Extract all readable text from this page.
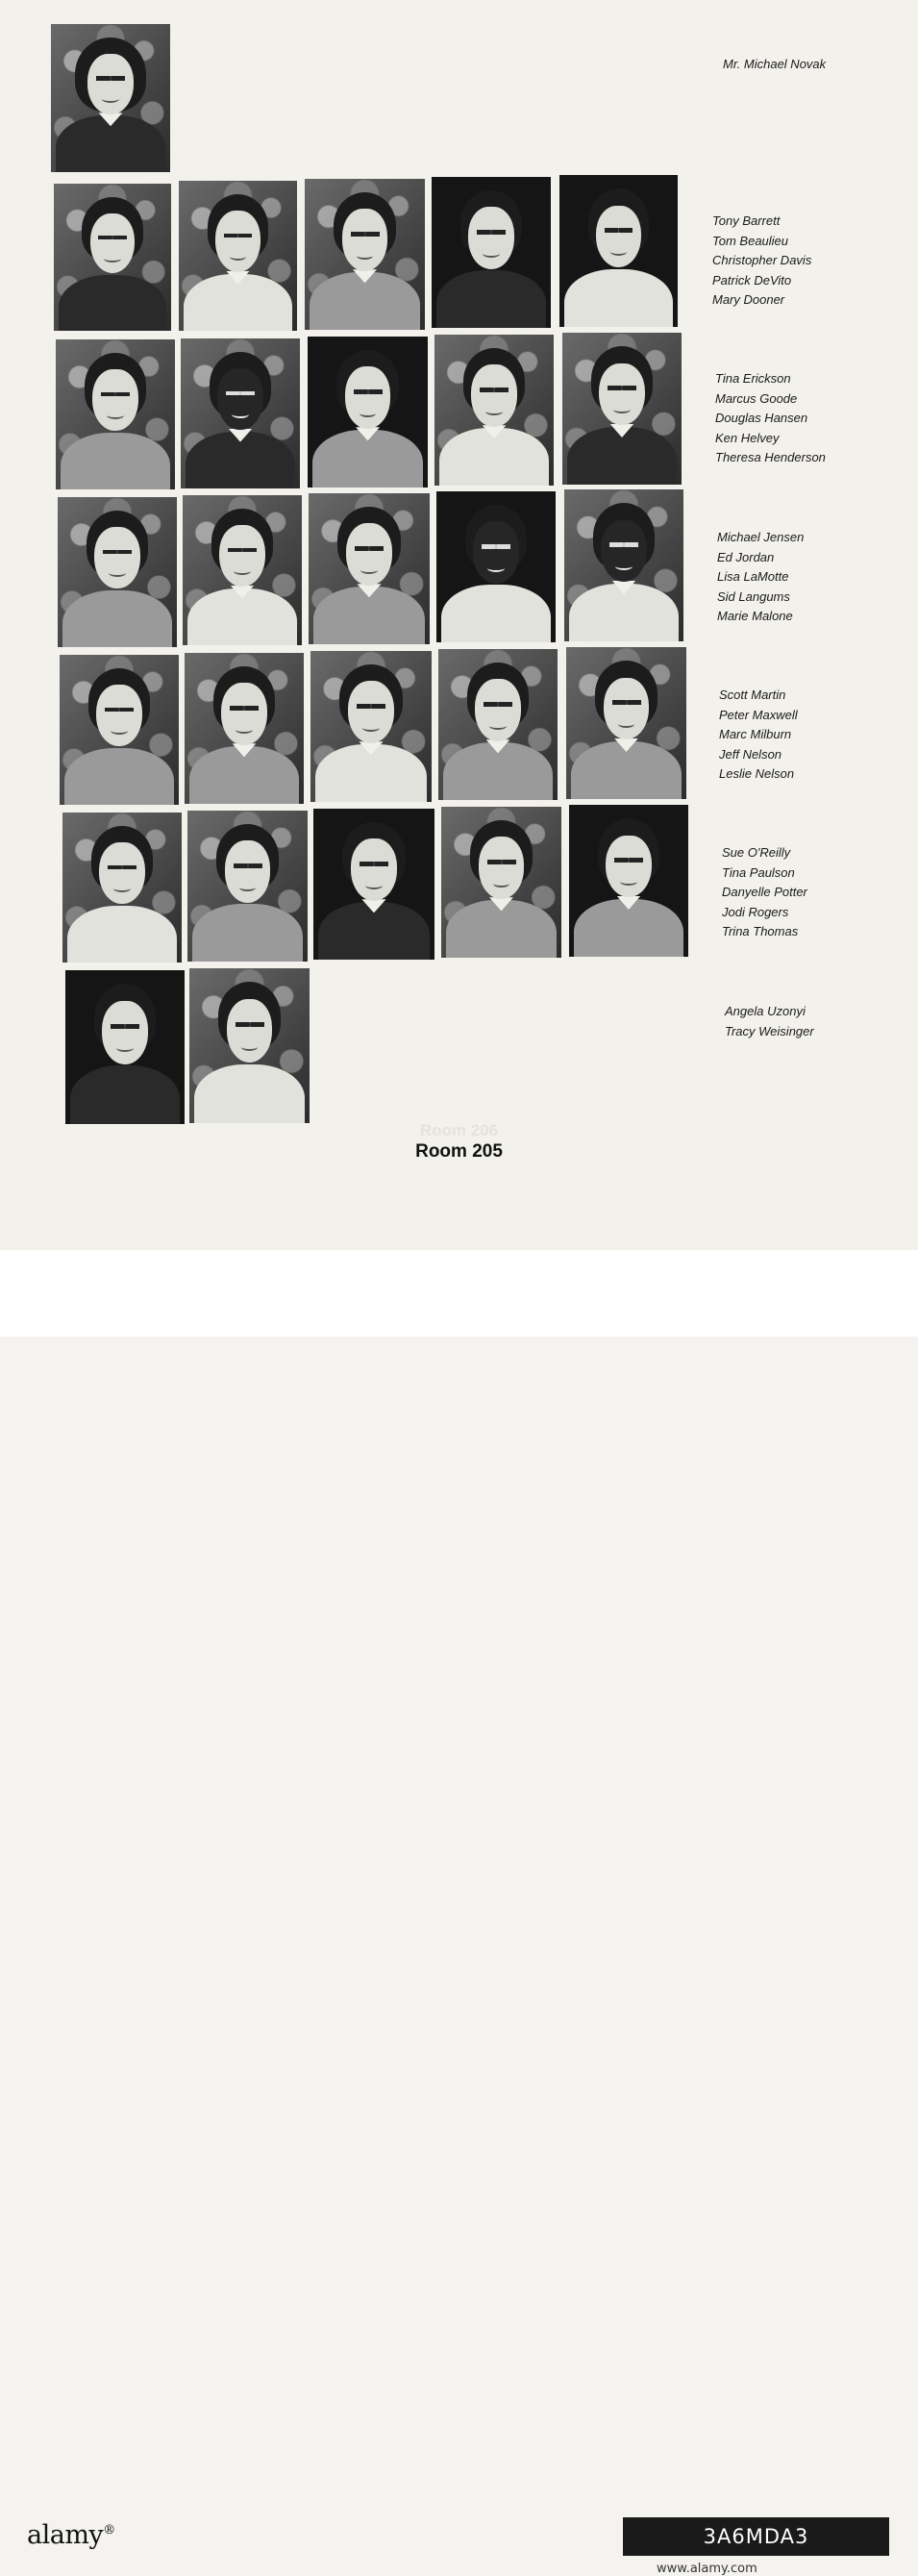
Mr. Michael Novak
Tony Barrett
Tom Beaulieu
Christopher Davis
Patrick DeVito
Mary Dooner
Tina Erickson
Marcus Goode
Douglas Hansen
Ken Helvey
Theresa Henderson
Michael Jensen
Ed Jordan
Lisa LaMotte
Sid Langums
Marie Malone
Scott Martin
Peter Maxwell
Marc Milburn
Jeff Nelson
Leslie Nelson
Sue O'Reilly
Tina Paulson
Danyelle Potter
Jodi Rogers
Trina Thomas
Angela Uzonyi
Tracy Weisinger
Room 206
Room 205
alamy®	3A6MDA3
www.alamy.com
